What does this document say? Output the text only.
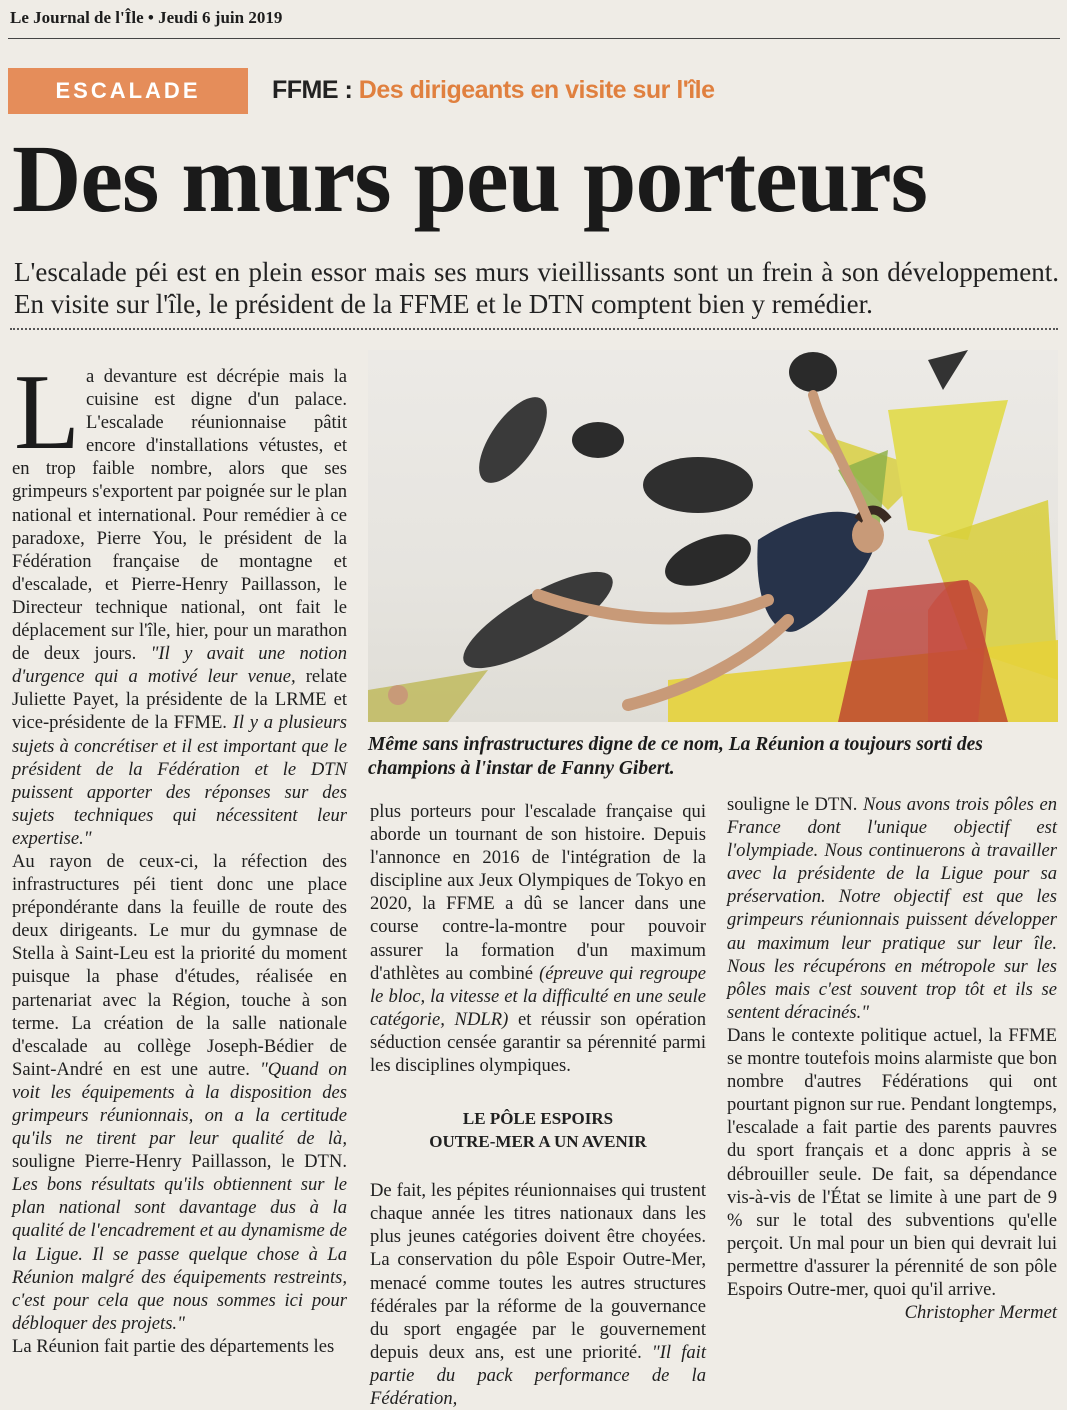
Le Journal de l'Île • Jeudi 6 juin 2019
ESCALADE	FFME : Des dirigeants en visite sur l'île
Des murs peu porteurs
L'escalade péi est en plein essor mais ses murs vieillissants sont un frein à son développement. En visite sur l'île, le président de la FFME et le DTN comptent bien y remédier.
Même sans infrastructures digne de ce nom, La Réunion a toujours sorti des champions à l'instar de Fanny Gibert.

La devanture est décrépie mais la cuisine est digne d'un palace. L'escalade réunionnaise pâtit encore d'installations vétustes, et en trop faible nombre, alors que ses grimpeurs s'exportent par poignée sur le plan national et international. Pour remédier à ce paradoxe, Pierre You, le président de la Fédération française de montagne et d'escalade, et Pierre-Henry Paillasson, le Directeur technique national, ont fait le déplacement sur l'île, hier, pour un marathon de deux jours. "Il y avait une notion d'urgence qui a motivé leur venue, relate Juliette Payet, la présidente de la LRME et vice-présidente de la FFME. Il y a plusieurs sujets à concrétiser et il est important que le président de la Fédération et le DTN puissent apporter des réponses sur des sujets techniques qui nécessitent leur expertise."

Au rayon de ceux-ci, la réfection des infrastructures péi tient donc une place prépondérante dans la feuille de route des deux dirigeants. Le mur du gymnase de Stella à Saint-Leu est la priorité du moment puisque la phase d'études, réalisée en partenariat avec la Région, touche à son terme. La création de la salle nationale d'escalade au collège Joseph-Bédier de Saint-André en est une autre. "Quand on voit les équipements à la disposition des grimpeurs réunionnais, on a la certitude qu'ils ne tirent par leur qualité de là, souligne Pierre-Henry Paillasson, le DTN. Les bons résultats qu'ils obtiennent sur le plan national sont davantage dus à la qualité de l'encadrement et au dynamisme de la Ligue. Il se passe quelque chose à La Réunion malgré des équipements restreints, c'est pour cela que nous sommes ici pour débloquer des projets."

La Réunion fait partie des départements les

plus porteurs pour l'escalade française qui aborde un tournant de son histoire. Depuis l'annonce en 2016 de l'intégration de la discipline aux Jeux Olympiques de Tokyo en 2020, la FFME a dû se lancer dans une course contre-la-montre pour pouvoir assurer la formation d'un maximum d'athlètes au combiné (épreuve qui regroupe le bloc, la vitesse et la difficulté en une seule catégorie, NDLR) et réussir son opération séduction censée garantir sa pérennité parmi les disciplines olympiques.

LE PÔLE ESPOIRS
OUTRE-MER A UN AVENIR

De fait, les pépites réunionnaises qui trustent chaque année les titres nationaux dans les plus jeunes catégories doivent être choyées. La conservation du pôle Espoir Outre-Mer, menacé comme toutes les autres structures fédérales par la réforme de la gouvernance du sport engagée par le gouvernement depuis deux ans, est une priorité. "Il fait partie du pack performance de la Fédération,

souligne le DTN. Nous avons trois pôles en France dont l'unique objectif est l'olympiade. Nous continuerons à travailler avec la présidente de la Ligue pour sa préservation. Notre objectif est que les grimpeurs réunionnais puissent développer au maximum leur pratique sur leur île. Nous les récupérons en métropole sur les pôles mais c'est souvent trop tôt et ils se sentent déracinés."

Dans le contexte politique actuel, la FFME se montre toutefois moins alarmiste que bon nombre d'autres Fédérations qui ont pourtant pignon sur rue. Pendant longtemps, l'escalade a fait partie des parents pauvres du sport français et a donc appris à se débrouiller seule. De fait, sa dépendance vis-à-vis de l'État se limite à une part de 9 % sur le total des subventions qu'elle perçoit. Un mal pour un bien qui devrait lui permettre d'assurer la pérennité de son pôle Espoirs Outre-mer, quoi qu'il arrive.

Christopher Mermet
